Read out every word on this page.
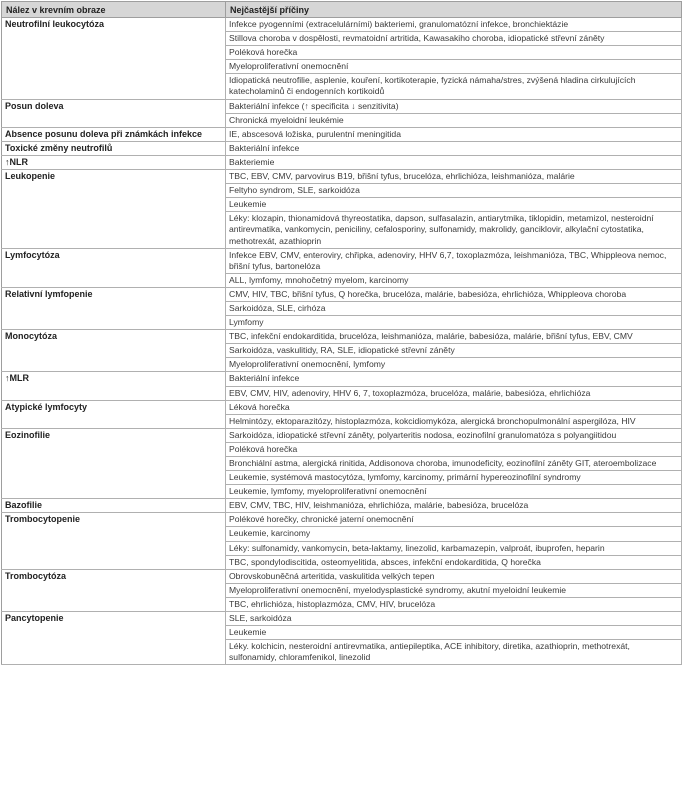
Nález v krevním obraze	Nejčastější příčiny
Neutrofilní leukocytóza	Infekce pyogenními (extracelulárními) bakteriemi, granulomatózní infekce, bronchiektázie
	Stillova choroba v dospělosti, revmatoidní artritida, Kawasakiho choroba, idiopatické střevní záněty
	Poléková horečka
	Myeloproliferativní onemocnění
	Idiopatická neutrofilie, asplenie, kouření, kortikoterapie, fyzická námaha/stres, zvýšená hladina cirkulujících katecholaminů či endogenních kortikoidů
Posun doleva	Bakteriální infekce (↑ specificita ↓ senzitivita)
	Chronická myeloidní leukémie
Absence posunu doleva při známkách infekce	IE, abscesová ložiska, purulentní meningitida
Toxické změny neutrofilů	Bakteriální infekce
↑NLR	Bakteriemie
Leukopenie	TBC, EBV, CMV, parvovirus B19, břišní tyfus, brucelóza, ehrlichióza, leishmanióza, malárie
	Feltyho syndrom, SLE, sarkoidóza
	Leukemie
	Léky: klozapin, thionamidová thyreostatika, dapson, sulfasalazin, antiarytmika, tiklopidin, metamizol, nesteroidní antirevmatika, vankomycin, peniciliny, cefalosporiny, sulfonamidy, makrolidy, ganciklovir, alkylační cytostatika, methotrexát, azathioprin
Lymfocytóza	Infekce EBV, CMV, enteroviry, chřipka, adenoviry, HHV 6,7, toxoplazmóza, leishmanióza, TBC, Whippleova nemoc, břišní tyfus, bartonelóza
	ALL, lymfomy, mnohočetný myelom, karcinomy
Relativní lymfopenie	CMV, HIV, TBC, břišní tyfus, Q horečka, brucelóza, malárie, babesióza, ehrlichióza, Whippleova choroba
	Sarkoidóza, SLE, cirhóza
	Lymfomy
Monocytóza	TBC, infekční endokarditida, brucelóza, leishmanióza, malárie, babesióza, malárie, břišní tyfus, EBV, CMV
	Sarkoidóza, vaskulitidy, RA, SLE, idiopatické střevní záněty
	Myeloproliferativní onemocnění, lymfomy
↑MLR	Bakteriální infekce
	EBV, CMV, HIV, adenoviry, HHV 6, 7, toxoplazmóza, brucelóza, malárie, babesióza, ehrlichióza
Atypické lymfocyty	Léková horečka
	Helmintózy, ektoparazitózy, histoplazmóza, kokcidiomykóza, alergická bronchopulmonální aspergilóza, HIV
Eozinofilie	Sarkoidóza, idiopatické střevní záněty, polyarteritis nodosa, eozinofilní granulomatóza s polyangiitidou
	Poléková horečka
	Bronchiální astma, alergická rinitida, Addisonova choroba, imunodeficity, eozinofilní záněty GIT, ateroembolizace
	Leukemie, systémová mastocytóza, lymfomy, karcinomy, primární hypereozinofilní syndromy
	Leukemie, lymfomy, myeloproliferativní onemocnění
Bazofilie	EBV, CMV, TBC, HIV, leishmanióza, ehrlichióza, malárie, babesióza, brucelóza
Trombocytopenie	Polékové horečky, chronické jaterní onemocnění
	Leukemie, karcinomy
	Léky: sulfonamidy, vankomycin, beta-laktamy, linezolid, karbamazepin, valproát, ibuprofen, heparin
	TBC, spondylodiscitida, osteomyelitida, absces, infekční endokarditida, Q horečka
Trombocytóza	Obrovskobuněčná arteritida, vaskulitida velkých tepen
	Myeloproliferativní onemocnění, myelodysplastické syndromy, akutní myeloidní leukemie
	TBC, ehrlichióza, histoplazmóza, CMV, HIV, brucelóza
Pancytopenie	SLE, sarkoidóza
	Leukemie
	Léky. kolchicin, nesteroidní antirevmatika, antiepileptika, ACE inhibitory, diretika, azathioprin, methotrexát, sulfonamidy, chloramfenikol, linezolid
